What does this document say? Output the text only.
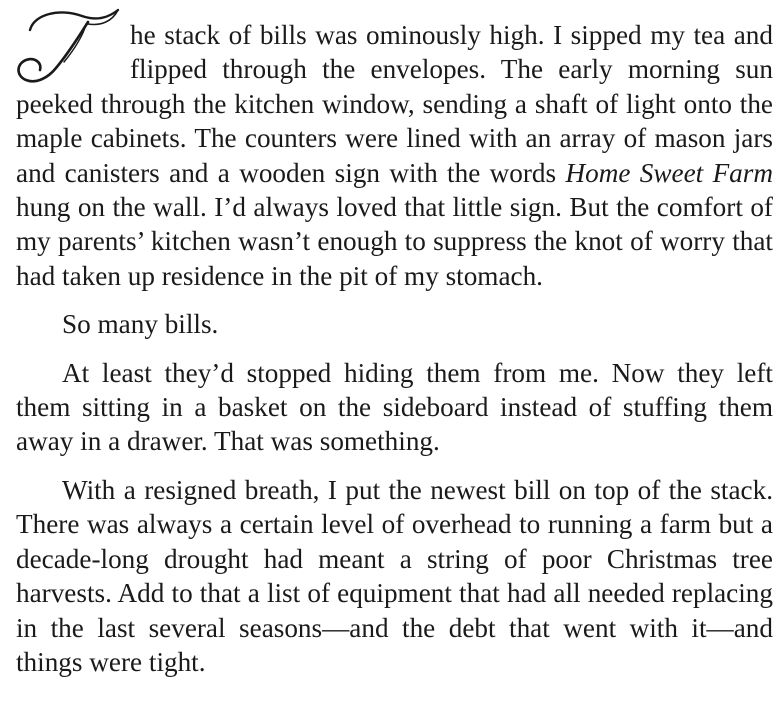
he stack of bills was ominously high. I sipped my tea and flipped through the envelopes. The early morning sun peeked through the kitchen window, sending a shaft of light onto the maple cabinets. The counters were lined with an array of mason jars and canisters and a wooden sign with the words Home Sweet Farm hung on the wall. I’d always loved that little sign. But the comfort of my parents’ kitchen wasn’t enough to suppress the knot of worry that had taken up residence in the pit of my stomach.

So many bills.

At least they’d stopped hiding them from me. Now they left them sitting in a basket on the sideboard instead of stuffing them away in a drawer. That was something.

With a resigned breath, I put the newest bill on top of the stack. There was always a certain level of overhead to running a farm but a decade-long drought had meant a string of poor Christmas tree harvests. Add to that a list of equipment that had all needed replacing in the last several seasons—and the debt that went with it—and things were tight.
